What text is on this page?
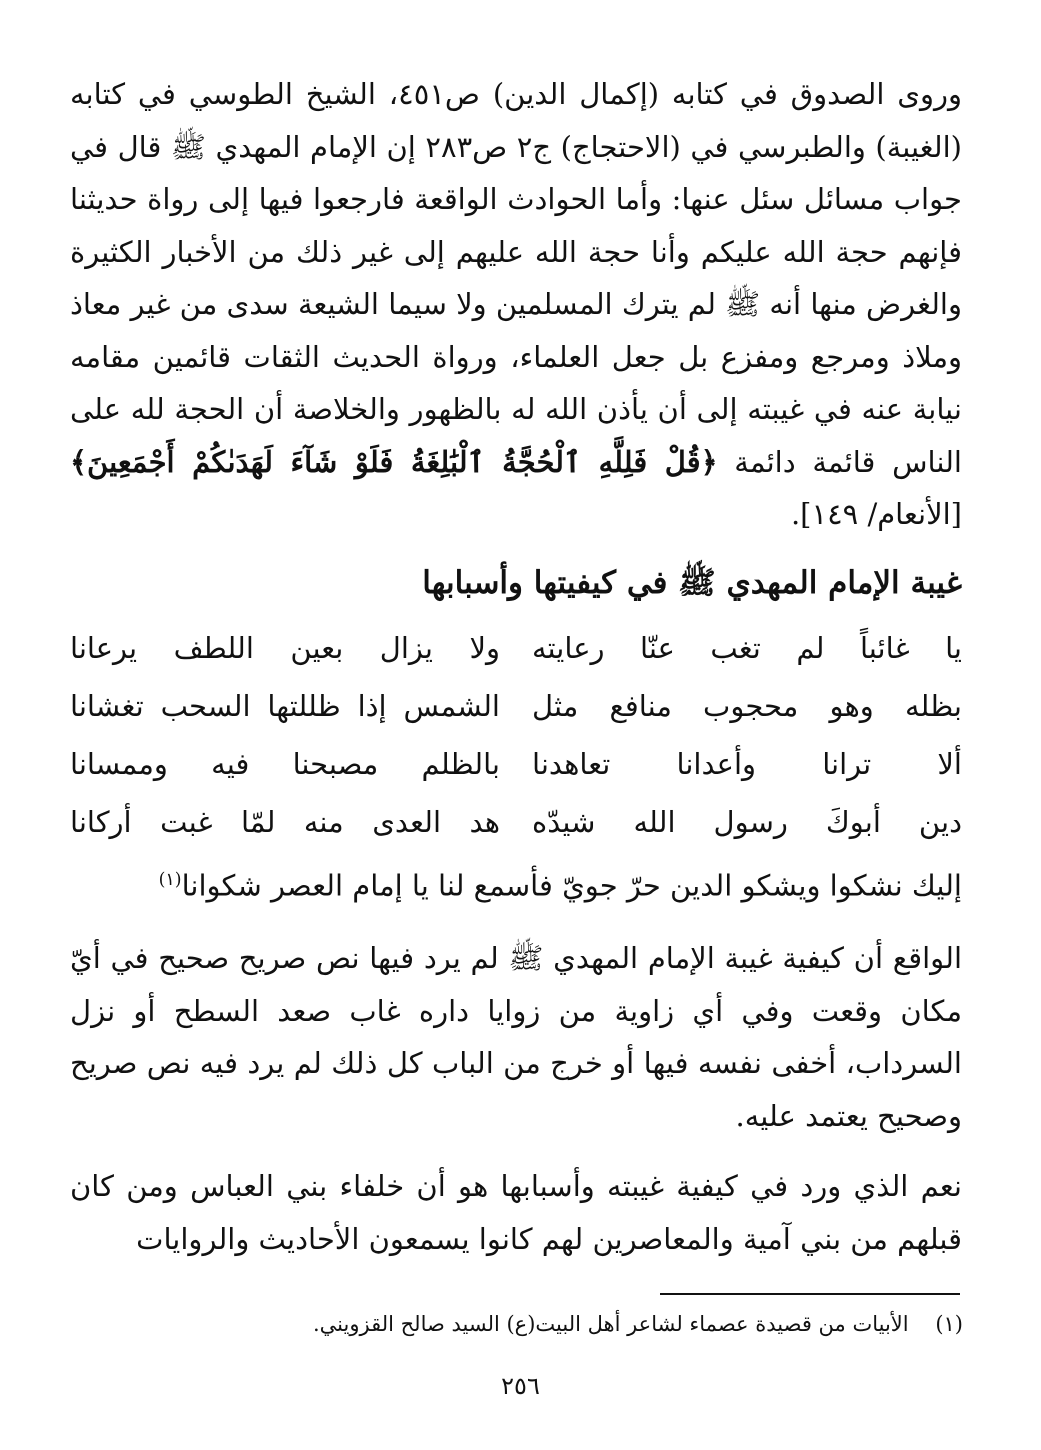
وروى الصدوق في كتابه (إكمال الدين) ص٤٥١، الشيخ الطوسي في كتابه (الغيبة) والطبرسي في (الاحتجاج) ج٢ ص٢٨٣ إن الإمام المهدي ﷺ قال في جواب مسائل سئل عنها: وأما الحوادث الواقعة فارجعوا فيها إلى رواة حديثنا فإنهم حجة الله عليكم وأنا حجة الله عليهم إلى غير ذلك من الأخبار الكثيرة والغرض منها أنه ﷺ لم يترك المسلمين ولا سيما الشيعة سدى من غير معاذ وملاذ ومرجع ومفزع بل جعل العلماء، ورواة الحديث الثقات قائمين مقامه نيابة عنه في غيبته إلى أن يأذن الله له بالظهور والخلاصة أن الحجة لله على الناس قائمة دائمة ﴿قُلْ فَلِلَّهِ ٱلْحُجَّةُ ٱلْبَٰلِغَةُ فَلَوْ شَآءَ لَهَدَىٰكُمْ أَجْمَعِينَ﴾ [الأنعام/ ١٤٩].

غيبة الإمام المهدي ﷺ في كيفيتها وأسبابها
يا غائباً لم تغب عنّا رعايته
ولا يزال بعين اللطف يرعانا
بظله وهو محجوب منافع مثل
الشمس إذا ظللتها السحب تغشانا
ألا ترانا وأعدانا تعاهدنا
بالظلم مصبحنا فيه وممسانا
دين أبوكَ رسول الله شيدّه
هد العدى منه لمّا غبت أركانا
إليك نشكوا ويشكو الدين حرّ جويّ فأسمع لنا يا إمام العصر شكوانا$^{(١)}$

الواقع أن كيفية غيبة الإمام المهدي ﷺ لم يرد فيها نص صريح صحيح في أيّ مكان وقعت وفي أي زاوية من زوايا داره غاب صعد السطح أو نزل السرداب، أخفى نفسه فيها أو خرج من الباب كل ذلك لم يرد فيه نص صريح وصحيح يعتمد عليه.

نعم الذي ورد في كيفية غيبته وأسبابها هو أن خلفاء بني العباس ومن كان قبلهم من بني آمية والمعاصرين لهم كانوا يسمعون الأحاديث والروايات

(١)    الأبيات من قصيدة عصماء لشاعر أهل البيت(ع) السيد صالح القزويني.
٢٥٦
